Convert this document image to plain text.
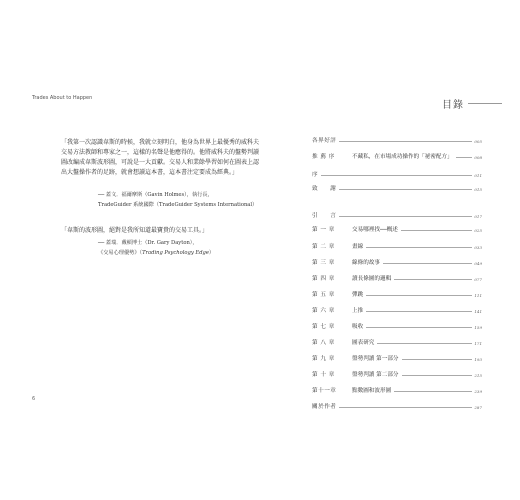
Trades About to Happen
「我第一次認識韋斯的時候，我就立刻明白，他身為世界上最優秀的威科夫交易方法教師和專家之一，這樣的名聲是他應得的。他將威科夫的盤勢判讀圖改編成韋斯波形圖，可說是一大貢獻。交易人和業餘學習如何在圖表上認出大盤操作者的足跡，就會想讀這本書，這本書注定要成為經典。」
── 蓋文．福爾摩斯（Gavin Holmes），執行長，
TradeGuider 系統國際（TradeGuider Systems International）
「韋斯的波形圖，絕對是我所知道最寶貴的交易工具。」
── 蓋瑞．戴頓博士（Dr. Gary Dayton），
《交易心理優勢》（Trading Psychology Edge）
6
目錄
各界好評	005
推 薦 序	不藏私，在市場成功操作的「祕密配方」	008
序	011
致　　謝	015
引　　言	017
第 一 章	交易哪裡找──概述	025
第 二 章	畫線	033
第 三 章	線條的故事	049
第 四 章	讀長條圖的邏輯	077
第 五 章	彈跳	111
第 六 章	上推	141
第 七 章	吸收	159
第 八 章	圖表研究	171
第 九 章	盤勢判讀 第一部分	193
第 十 章	盤勢判讀 第二部分	215
第十一章	點數圖和波形圖	239
關於作者	287
